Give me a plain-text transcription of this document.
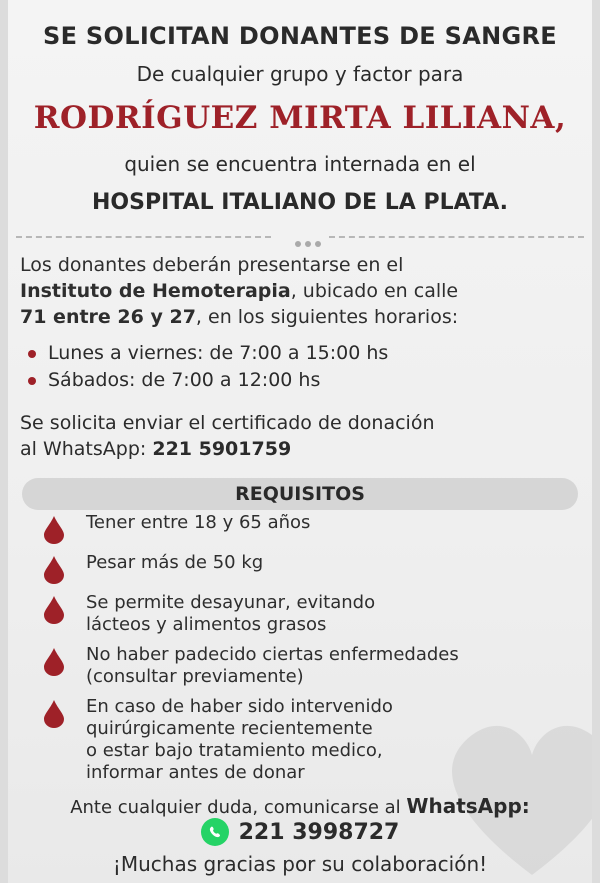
SE SOLICITAN DONANTES DE SANGRE
De cualquier grupo y factor para
RODRÍGUEZ MIRTA LILIANA,
quien se encuentra internada en el
HOSPITAL ITALIANO DE LA PLATA.
Los donantes deberán presentarse en el
Instituto de Hemoterapia, ubicado en calle
71 entre 26 y 27, en los siguientes horarios:
Lunes a viernes: de 7:00 a 15:00 hs
Sábados: de 7:00 a 12:00 hs
Se solicita enviar el certificado de donación
al WhatsApp: 221 5901759
REQUISITOS
Tener entre 18 y 65 años
Pesar más de 50 kg
Se permite desayunar, evitando
lácteos y alimentos grasos
No haber padecido ciertas enfermedades
(consultar previamente)
En caso de haber sido intervenido
quirúrgicamente recientemente
o estar bajo tratamiento medico,
informar antes de donar
Ante cualquier duda, comunicarse al WhatsApp:
221 3998727
¡Muchas gracias por su colaboración!
